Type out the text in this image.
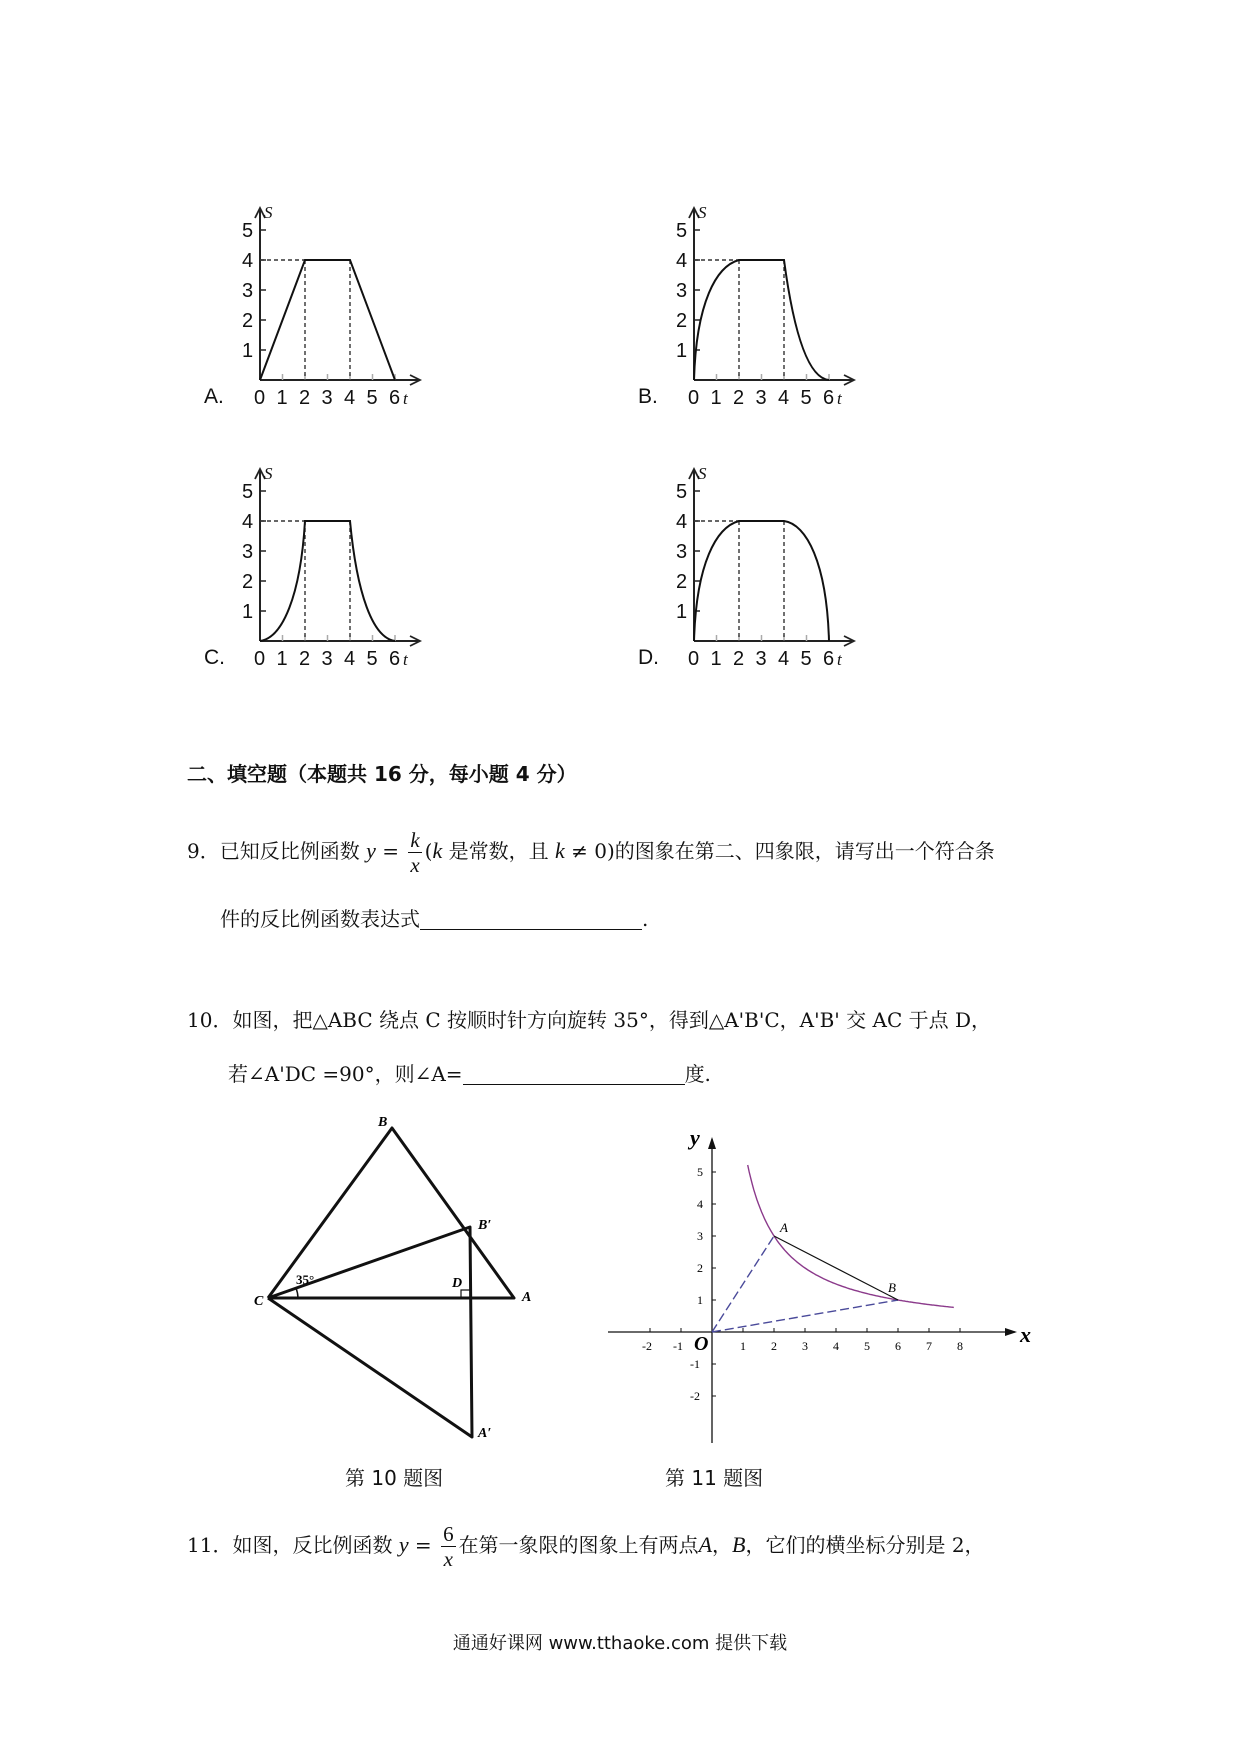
A.	B.
C.	D.
1
2
3
4
5
0 1 2 3 4 5 6
S
t
1
2
3
4
5
0 1 2 3 4 5 6
S
t
1
2
3
4
5
0 1 2 3 4 5 6
S
t
1
2
3
4
5
0 1 2 3 4 5 6
S
t
二、填空题（本题共 16 分，每小题 4 分）
9．已知反比例函数 $y = \frac{k}{x} (k$ 是常数，且 k ≠ 0)的图象在第二、四象限，请写出一个符合条
件的反比例函数表达式	.
10．如图，把△ABC 绕点 C 按顺时针方向旋转 35°，得到△A'B'C，A'B' 交 AC 于点 D，
若∠A'DC =90°，则∠A=	度.
B
B′
C
D
A
A′
35°
-2 -1	1 2 3 4 5 6 7 8
5
4
3
2
1
-1
-2
x
y
O
A
B
第 10 题图	第 11 题图
11．如图，反比例函数 $y = \frac{6}{x}$ 在第一象限的图象上有两点A，B，它们的横坐标分别是 2，
通通好课网 www.tthaoke.com 提供下载
